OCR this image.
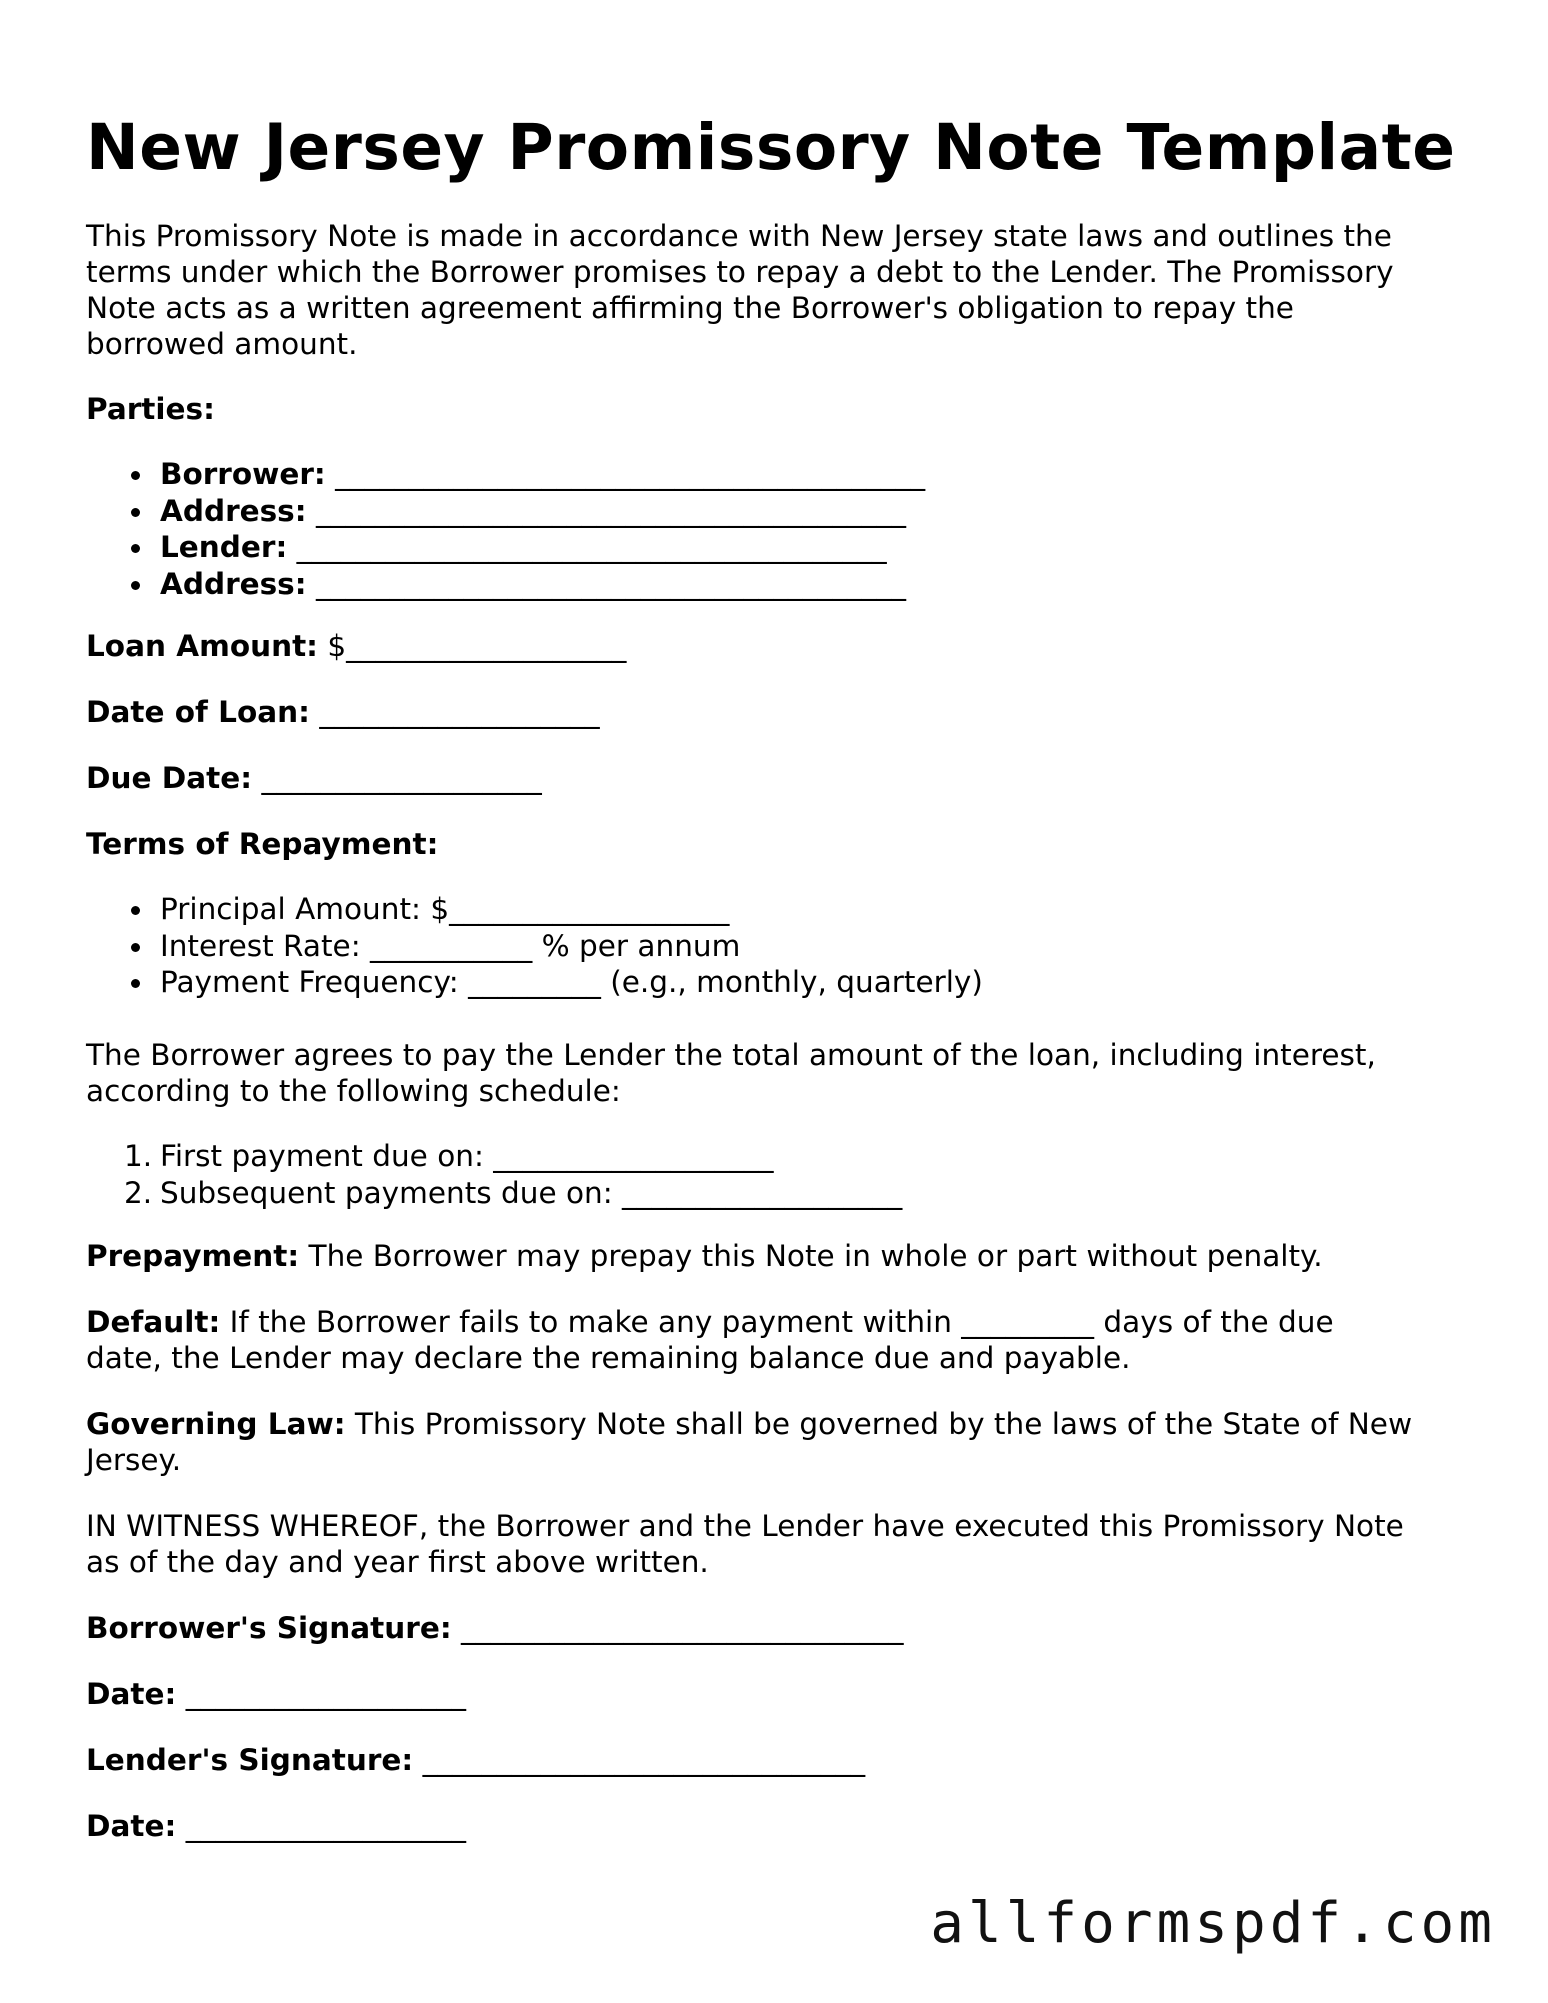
New Jersey Promissory Note Template

This Promissory Note is made in accordance with New Jersey state laws and outlines the

terms under which the Borrower promises to repay a debt to the Lender. The Promissory

Note acts as a written agreement affirming the Borrower's obligation to repay the

borrowed amount.

Parties:

Borrower: ________________________________________
Address: ________________________________________
Lender: ________________________________________
Address: ________________________________________

Loan Amount: $___________________

Date of Loan: ___________________

Due Date: ___________________

Terms of Repayment:

Principal Amount: $___________________
Interest Rate: ___________ % per annum
Payment Frequency: _________ (e.g., monthly, quarterly)

The Borrower agrees to pay the Lender the total amount of the loan, including interest,

according to the following schedule:

1. First payment due on: ___________________
2. Subsequent payments due on: ___________________

Prepayment: The Borrower may prepay this Note in whole or part without penalty.

Default: If the Borrower fails to make any payment within _________ days of the due

date, the Lender may declare the remaining balance due and payable.

Governing Law: This Promissory Note shall be governed by the laws of the State of New

Jersey.

IN WITNESS WHEREOF, the Borrower and the Lender have executed this Promissory Note

as of the day and year first above written.

Borrower's Signature: ______________________________

Date: ___________________

Lender's Signature: ______________________________

Date: ___________________

allformspdf.com
